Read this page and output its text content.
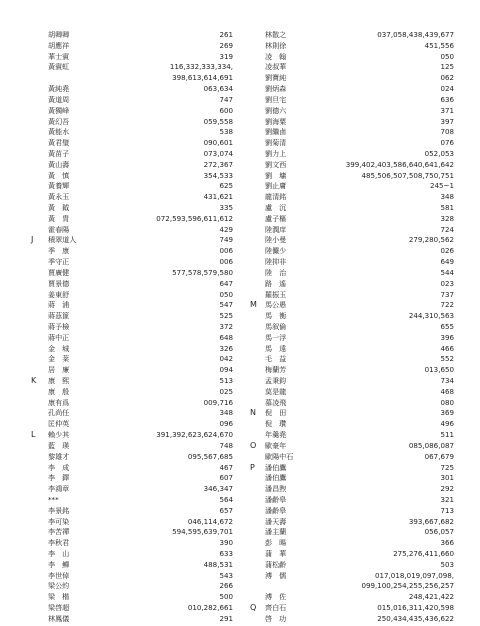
胡卿卿	261
胡應祥	269
華士賓	319
黃賓虹	116,332,333,334,
398,613,614,691
黃純堯	063,634
黃道周	747
黃獨峰	600
黃幻吾	059,558
黃能水	538
黃君璧	090,601
黃苗子	073,074
黃山壽	272,367
黃　慎	354,533
黃養輝	625
黃永玉	431,621
黃　鉞	335
黃　胄	072,593,596,611,612
霍春陽	429
J 積翠道人	749
季　康	006
季守正	006
賈廣健	577,578,579,580
賈景德	647
姜東舒	050
蔣　浦	547
蔣茲篚	525
蔣予檢	372
蔣中正	648
金　城	326
金　棻	042
居　廉	094
K 康　熙	513
康　殷	025
康有爲	009,716
孔尚任	348
匡仲英	096
L 賴少其	391,392,623,624,670
藍　瑛	748
黎雄才	095,567,685
李　成	467
李　鐸	607
李鴻章	346,347
***	564
李景銘	657
李可染	046,114,672
李苦禪	594,595,639,701
李秋君	390
李　山	633
李　鱓	488,531
李世倬	543
梁公約	266
梁　楷	500
梁啓超	010,282,661
林鳳儀	291
林散之	037,058,438,439,677
林則徐	451,556
凌　翰	050
凌叔華	125
劉寶純	062
劉炳森	024
劉旦宅	636
劉德六	371
劉海粟	397
劉繼鹵	708
劉菊清	076
劉力上	052,053
劉文西	399,402,403,586,640,641,642
劉　墉	485,506,507,508,750,751
劉止庸	245~1
龍清銘	348
盧　沉	581
盧子樞	328
陸潤庠	724
陸小曼	279,280,562
陸儼少	026
陸抑非	649
陸　治	544
路　遙	023
羅振玉	737
M 馬公愚	722
馬　衡	244,310,563
馬叙倫	655
馬一浮	396
馬　遠	466
毛　益	552
梅蘭芳	013,650
孟秉鈞	734
莫是龍	468
慕凌飛	080
N 倪　田	369
倪　瓚	496
年羹堯	511
O 歐豪年	085,086,087
歐陽中石	067,679
P 潘伯鷹	725
潘伯鷹	301
潘昌煦	292
潘齡皋	321
潘齡皋	713
潘天壽	393,667,682
潘主蘭	056,057
彭　暘	366
蒲　華	275,276,411,660
蒲松齡	503
溥　儒	017,018,019,097,098,
099,100,254,255,256,257
溥　佐	248,421,422
Q 齊白石	015,016,311,420,598
啓　功	250,434,435,436,622
